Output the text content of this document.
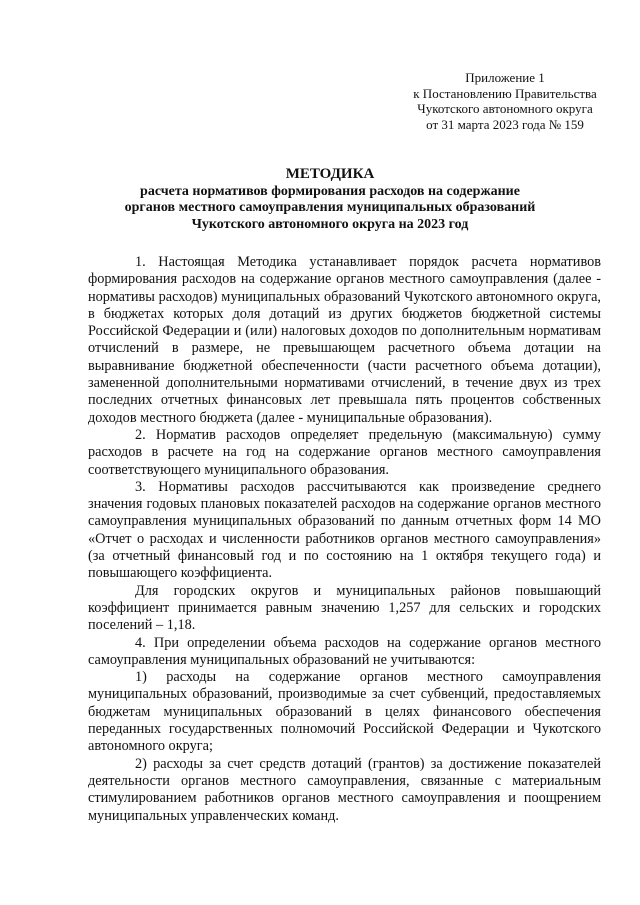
Приложение 1
к Постановлению Правительства
Чукотского автономного округа
от 31 марта 2023 года № 159
МЕТОДИКА
расчета нормативов формирования расходов на содержание
органов местного самоуправления муниципальных образований
Чукотского автономного округа на 2023 год

1. Настоящая Методика устанавливает порядок расчета нормативов формирования расходов на содержание органов местного самоуправления (далее - нормативы расходов) муниципальных образований Чукотского автономного округа, в бюджетах которых доля дотаций из других бюджетов бюджетной системы Российской Федерации и (или) налоговых доходов по дополнительным нормативам отчислений в размере, не превышающем расчетного объема дотации на выравнивание бюджетной обеспеченности (части расчетного объема дотации), замененной дополнительными нормативами отчислений, в течение двух из трех последних отчетных финансовых лет превышала пять процентов собственных доходов местного бюджета (далее - муниципальные образования).

2. Норматив расходов определяет предельную (максимальную) сумму расходов в расчете на год на содержание органов местного самоуправления соответствующего муниципального образования.

3. Нормативы расходов рассчитываются как произведение среднего значения годовых плановых показателей расходов на содержание органов местного самоуправления муниципальных образований по данным отчетных форм 14 МО «Отчет о расходах и численности работников органов местного самоуправления» (за отчетный финансовый год и по состоянию на 1 октября текущего года) и повышающего коэффициента.

Для городских округов и муниципальных районов повышающий коэффициент принимается равным значению 1,257 для сельских и городских поселений – 1,18.

4. При определении объема расходов на содержание органов местного самоуправления муниципальных образований не учитываются:

1) расходы на содержание органов местного самоуправления муниципальных образований, производимые за счет субвенций, предоставляемых бюджетам муниципальных образований в целях финансового обеспечения переданных государственных полномочий Российской Федерации и Чукотского автономного округа;

2) расходы за счет средств дотаций (грантов) за достижение показателей деятельности органов местного самоуправления, связанные с материальным стимулированием работников органов местного самоуправления и поощрением муниципальных управленческих команд.
